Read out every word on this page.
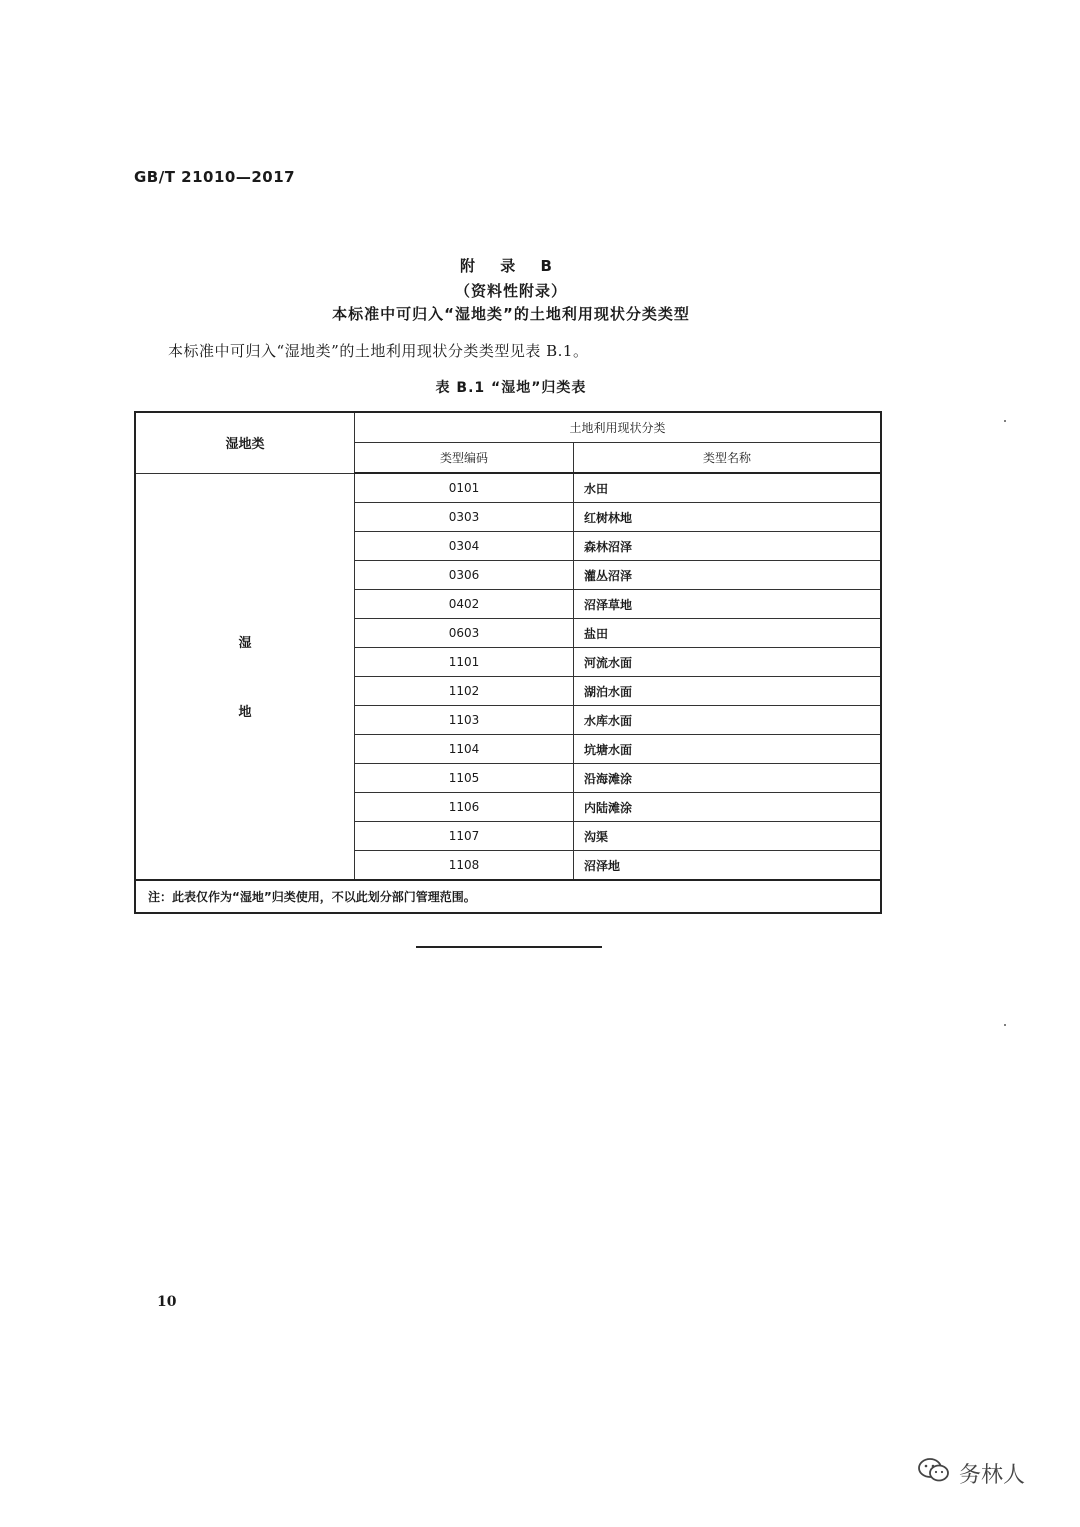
GB/T 21010—2017
附 录 B
（资料性附录）
本标准中可归入“湿地类”的土地利用现状分类类型
本标准中可归入“湿地类”的土地利用现状分类类型见表 B.1。
表 B.1 “湿地”归类表
湿地类	土地利用现状分类	
	类型编码	类型名称

湿
地	0101	水田
	0303	红树林地
	0304	森林沼泽
	0306	灌丛沼泽
	0402	沼泽草地
	0603	盐田
	1101	河流水面
	1102	湖泊水面
	1103	水库水面
	1104	坑塘水面
	1105	沿海滩涂
	1106	内陆滩涂
	1107	沟渠
	1108	沼泽地
注：此表仅作为“湿地”归类使用，不以此划分部门管理范围。		
10
务林人
